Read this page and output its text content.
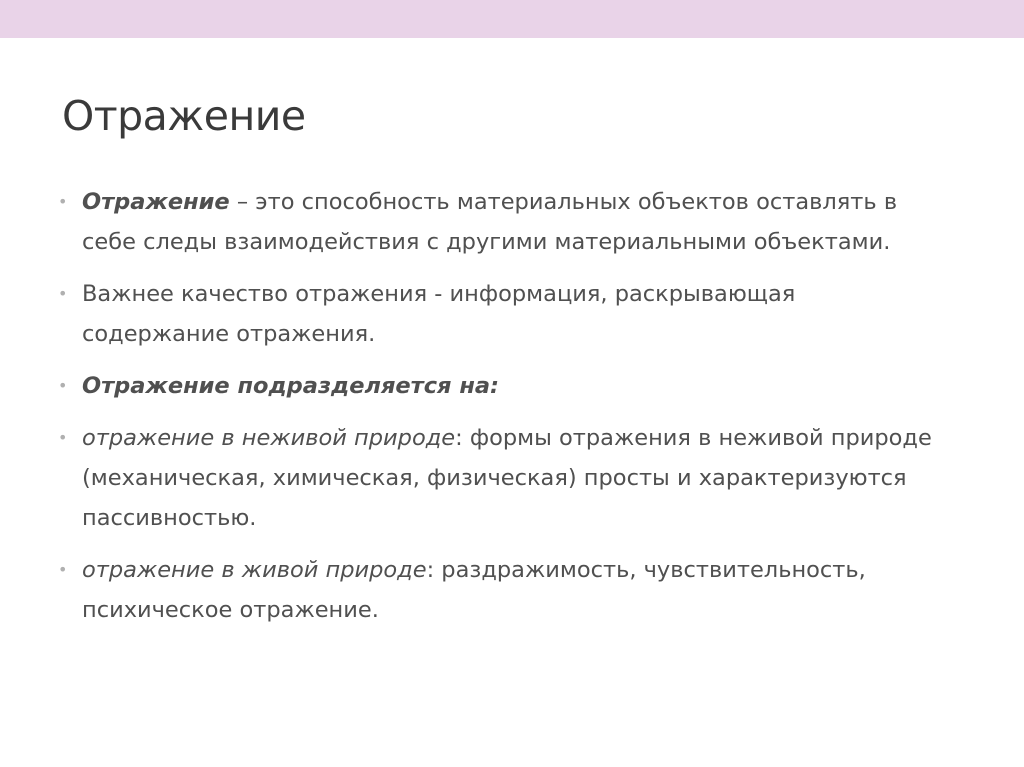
Отражение
• Отражение – это способность материальных объектов оставлять в себе следы взаимодействия с другими материальными объектами.
• Важнее качество отражения - информация, раскрывающая содержание отражения.
• Отражение подразделяется на:
• отражение в неживой природе: формы отражения в неживой природе (механическая, химическая, физическая) просты и характеризуются пассивностью.
• отражение в живой природе: раздражимость, чувствительность, психическое отражение.
